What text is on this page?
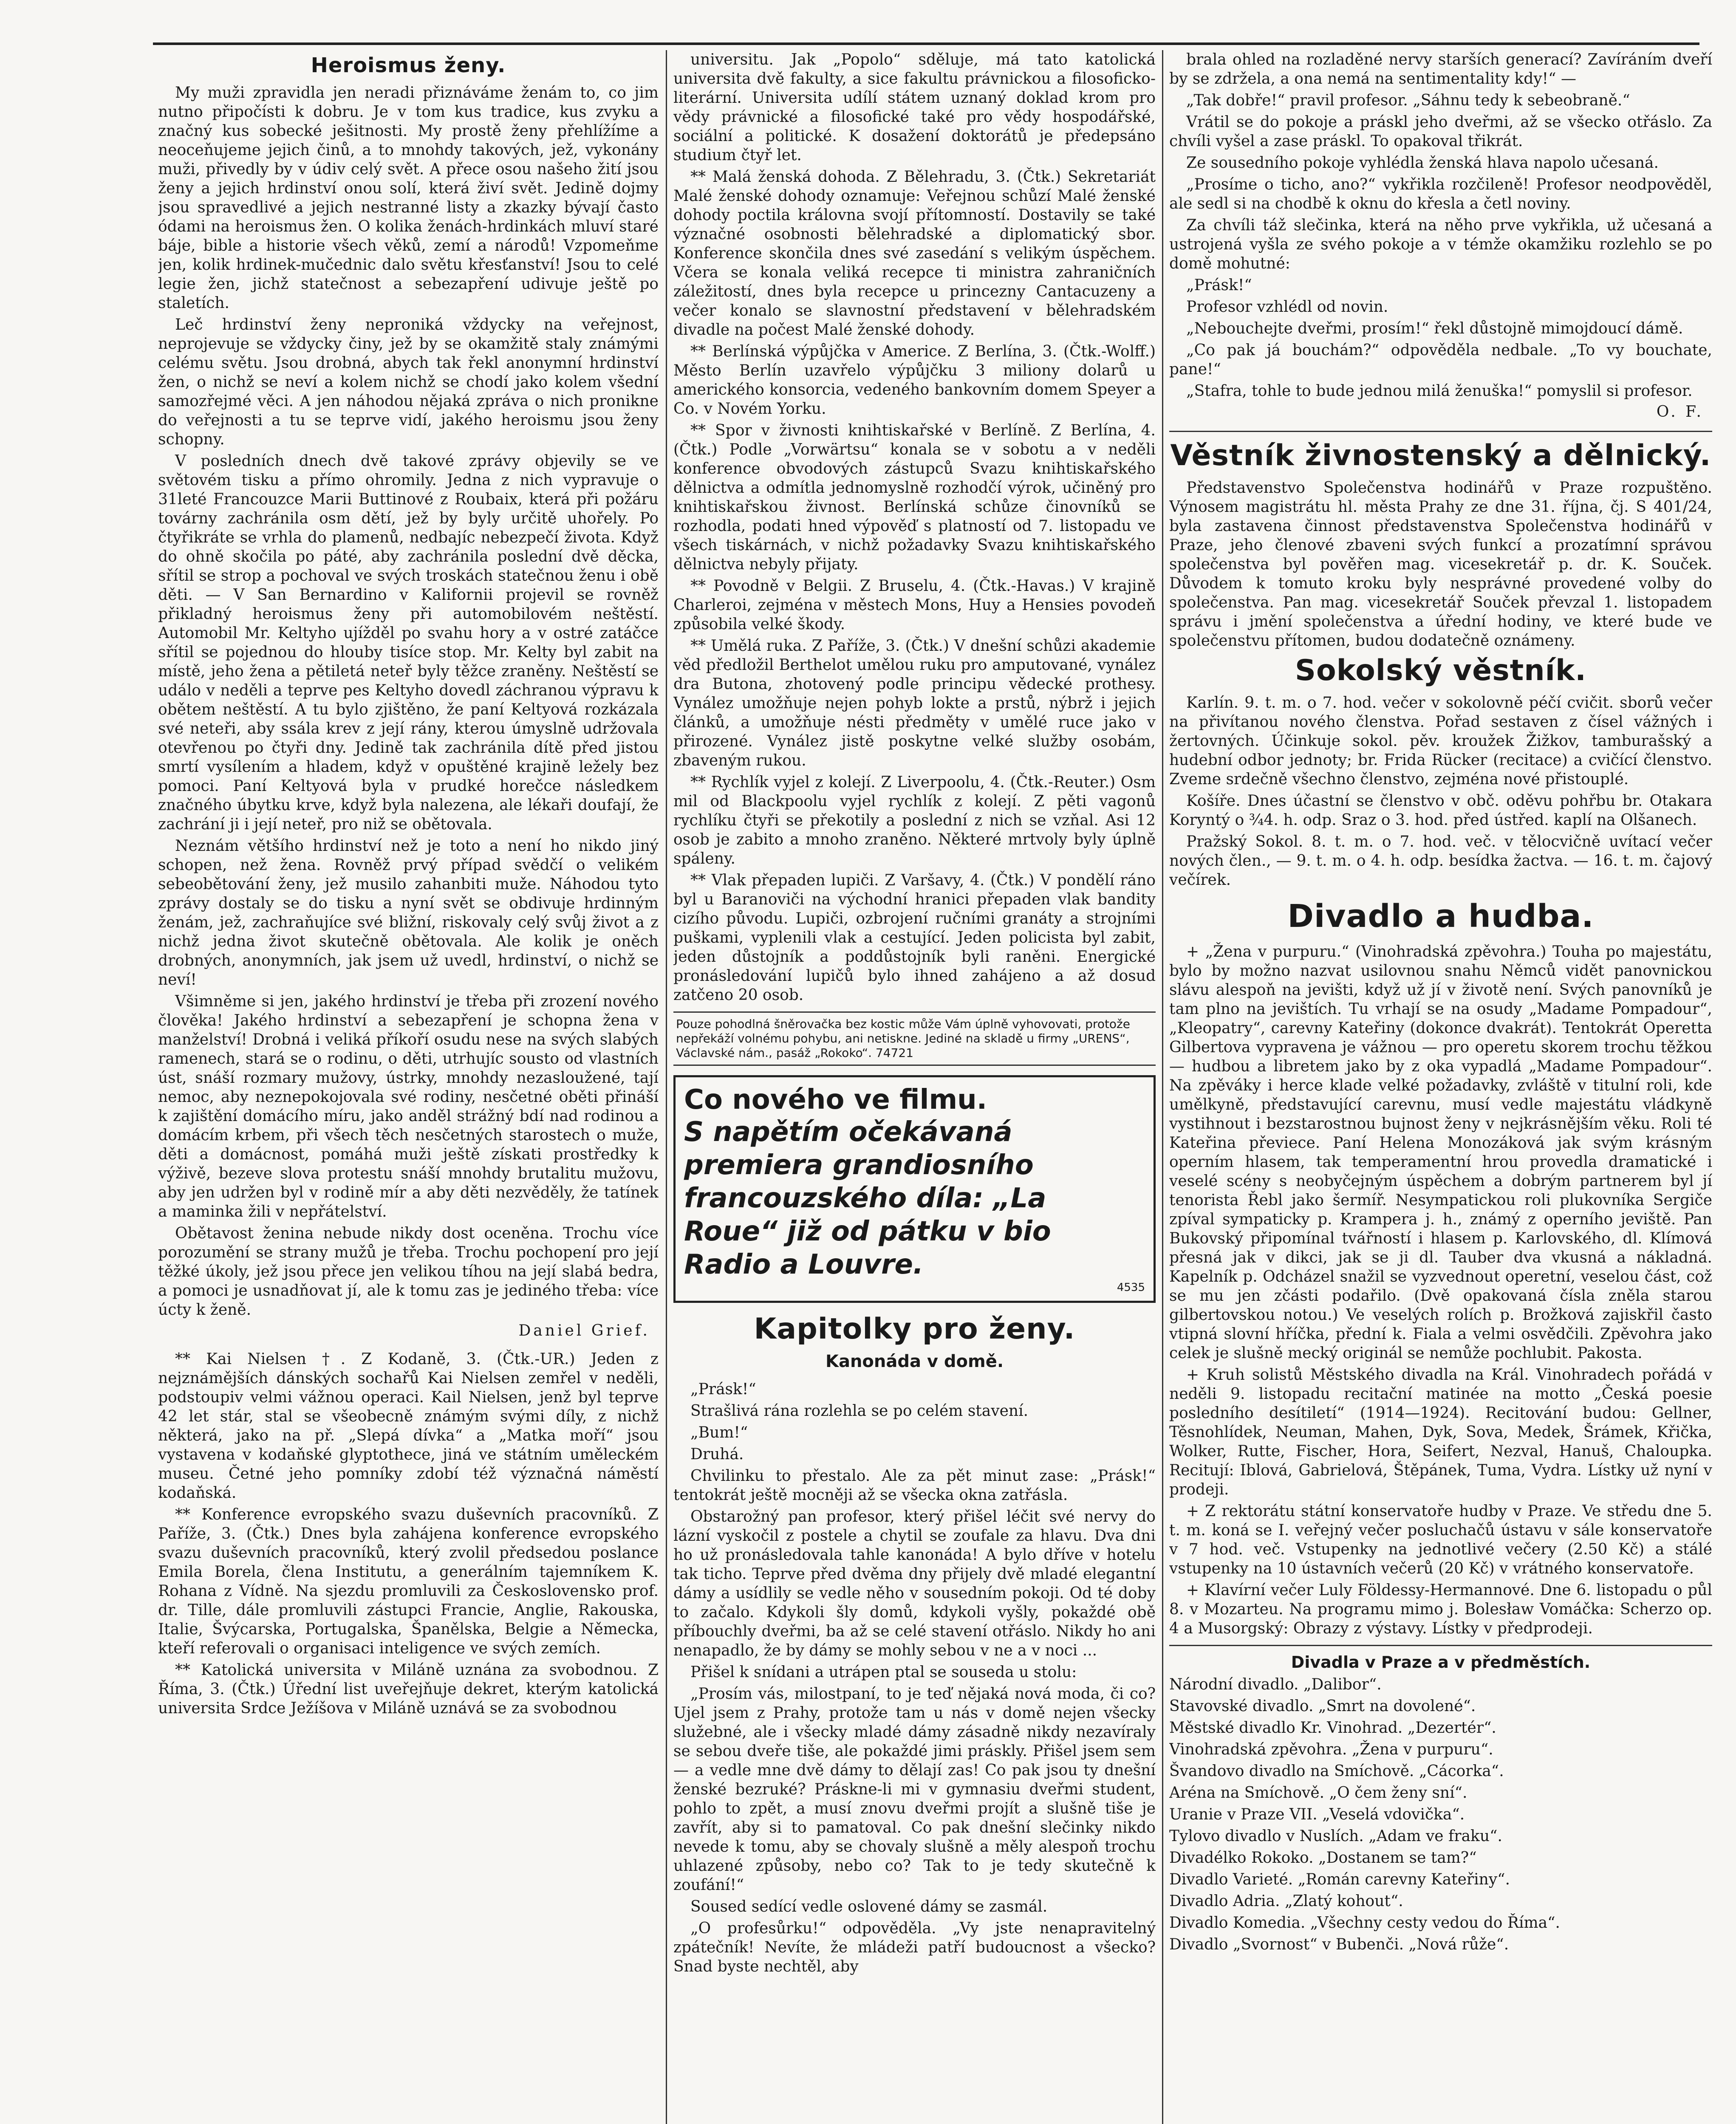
Heroismus ženy.

My muži zpravidla jen neradi přiznáváme ženám to, co jim nutno připočísti k dobru. Je v tom kus tradice, kus zvyku a značný kus sobecké ješitnosti. My prostě ženy přehlížíme a neoceňujeme jejich činů, a to mnohdy takových, jež, vykonány muži, přivedly by v údiv celý svět. A přece osou našeho žití jsou ženy a jejich hrdinství onou solí, která živí svět. Jedině dojmy jsou spravedlivé a jejich nestranné listy a zkazky bývají často ódami na heroismus žen. O kolika ženách-hrdinkách mluví staré báje, bible a historie všech věků, zemí a národů! Vzpomeňme jen, kolik hrdinek-mučednic dalo světu křesťanství! Jsou to celé legie žen, jichž statečnost a sebezapření udivuje ještě po staletích.

Leč hrdinství ženy neproniká vždycky na veřejnost, neprojevuje se vždycky činy, jež by se okamžitě staly známými celému světu. Jsou drobná, abych tak řekl anonymní hrdinství žen, o nichž se neví a kolem nichž se chodí jako kolem všední samozřejmé věci. A jen náhodou nějaká zpráva o nich pronikne do veřejnosti a tu se teprve vidí, jakého heroismu jsou ženy schopny.

V posledních dnech dvě takové zprávy objevily se ve světovém tisku a přímo ohromily. Jedna z nich vypravuje o 31leté Francouzce Marii Buttinové z Roubaix, která při požáru továrny zachránila osm dětí, jež by byly určitě uhořely. Po čtyřikráte se vrhla do plamenů, nedbajíc nebezpečí života. Když do ohně skočila po páté, aby zachránila poslední dvě děcka, sřítil se strop a pochoval ve svých troskách statečnou ženu i obě děti. — V San Bernardino v Kalifornii projevil se rovněž přikladný heroismus ženy při automobilovém neštěstí. Automobil Mr. Keltyho ujížděl po svahu hory a v ostré zatáčce sřítil se pojednou do hlouby tisíce stop. Mr. Kelty byl zabit na místě, jeho žena a pětiletá neteř byly těžce zraněny. Neštěstí se událo v neděli a teprve pes Keltyho dovedl záchranou výpravu k obětem neštěstí. A tu bylo zjištěno, že paní Keltyová rozkázala své neteři, aby ssála krev z její rány, kterou úmyslně udržovala otevřenou po čtyři dny. Jedině tak zachránila dítě před jistou smrtí vysílením a hladem, když v opuštěné krajině ležely bez pomoci. Paní Keltyová byla v prudké horečce následkem značného úbytku krve, když byla nalezena, ale lékaři doufají, že zachrání ji i její neteř, pro niž se obětovala.

Neznám většího hrdinství než je toto a není ho nikdo jiný schopen, než žena. Rovněž prvý případ svědčí o velikém sebeobětování ženy, jež musilo zahanbiti muže. Náhodou tyto zprávy dostaly se do tisku a nyní svět se obdivuje hrdinným ženám, jež, zachraňujíce své bližní, riskovaly celý svůj život a z nichž jedna život skutečně obětovala. Ale kolik je oněch drobných, anonymních, jak jsem už uvedl, hrdinství, o nichž se neví!

Všimněme si jen, jakého hrdinství je třeba při zrození nového člověka! Jakého hrdinství a sebezapření je schopna žena v manželství! Drobná i veliká příkoří osudu nese na svých slabých ramenech, stará se o rodinu, o děti, utrhujíc sousto od vlastních úst, snáší rozmary mužovy, ústrky, mnohdy nezasloužené, tají nemoc, aby neznepokojovala své rodiny, nesčetné oběti přináší k zajištění domácího míru, jako anděl strážný bdí nad rodinou a domácím krbem, při všech těch nesčetných starostech o muže, děti a domácnost, pomáhá muži ještě získati prostředky k výživě, bezeve slova protestu snáší mnohdy brutalitu mužovu, aby jen udržen byl v rodině mír a aby děti nezvěděly, že tatínek a maminka žili v nepřátelství.

Obětavost ženina nebude nikdy dost oceněna. Trochu více porozumění se strany mužů je třeba. Trochu pochopení pro její těžké úkoly, jež jsou přece jen velikou tíhou na její slabá bedra, a pomoci je usnadňovat jí, ale k tomu zas je jediného třeba: více úcty k ženě.

Daniel Grief.

** Kai Nielsen †. Z Kodaně, 3. (Čtk.-UR.) Jeden z nejznámějších dánských sochařů Kai Nielsen zemřel v neděli, podstoupiv velmi vážnou operaci. Kail Nielsen, jenž byl teprve 42 let stár, stal se všeobecně známým svými díly, z nichž některá, jako na př. „Slepá dívka“ a „Matka moří“ jsou vystavena v kodaňské glyptothece, jiná ve státním uměleckém museu. Četné jeho pomníky zdobí též význačná náměstí kodaňská.

** Konference evropského svazu duševních pracovníků. Z Paříže, 3. (Čtk.) Dnes byla zahájena konference evropského svazu duševních pracovníků, který zvolil předsedou poslance Emila Borela, člena Institutu, a generálním tajemníkem K. Rohana z Vídně. Na sjezdu promluvili za Československo prof. dr. Tille, dále promluvili zástupci Francie, Anglie, Rakouska, Italie, Švýcarska, Portugalska, Španělska, Belgie a Německa, kteří referovali o organisaci inteligence ve svých zemích.

** Katolická universita v Miláně uznána za svobodnou. Z Říma, 3. (Čtk.) Úřední list uveřejňuje dekret, kterým katolická universita Srdce Ježíšova v Miláně uznává se za svobodnou

universitu. Jak „Popolo“ sděluje, má tato katolická universita dvě fakulty, a sice fakultu právnickou a filosoficko-literární. Universita udílí státem uznaný doklad krom pro vědy právnické a filosofické také pro vědy hospodářské, sociální a politické. K dosažení doktorátů je předepsáno studium čtyř let.

** Malá ženská dohoda. Z Bělehradu, 3. (Čtk.) Sekretariát Malé ženské dohody oznamuje: Veřejnou schůzí Malé ženské dohody poctila královna svojí přítomností. Dostavily se také význačné osobnosti bělehradské a diplomatický sbor. Konference skončila dnes své zasedání s velikým úspěchem. Včera se konala veliká recepce ti ministra zahraničních záležitostí, dnes byla recepce u princezny Cantacuzeny a večer konalo se slavnostní představení v bělehradském divadle na počest Malé ženské dohody.

** Berlínská výpůjčka v Americe. Z Berlína, 3. (Čtk.-Wolff.) Město Berlín uzavřelo výpůjčku 3 miliony dolarů u amerického konsorcia, vedeného bankovním domem Speyer a Co. v Novém Yorku.

** Spor v živnosti knihtiskařské v Berlíně. Z Berlína, 4. (Čtk.) Podle „Vorwärtsu“ konala se v sobotu a v neděli konference obvodových zástupců Svazu knihtiskařského dělnictva a odmítla jednomyslně rozhodčí výrok, učiněný pro knihtiskařskou živnost. Berlínská schůze činovníků se rozhodla, podati hned výpověď s platností od 7. listopadu ve všech tiskárnách, v nichž požadavky Svazu knihtiskařského dělnictva nebyly přijaty.

** Povodně v Belgii. Z Bruselu, 4. (Čtk.-Havas.) V krajině Charleroi, zejména v městech Mons, Huy a Hensies povodeň způsobila velké škody.

** Umělá ruka. Z Paříže, 3. (Čtk.) V dnešní schůzi akademie věd předložil Berthelot umělou ruku pro amputované, vynález dra Butona, zhotovený podle principu vědecké prothesy. Vynález umožňuje nejen pohyb lokte a prstů, nýbrž i jejich článků, a umožňuje nésti předměty v umělé ruce jako v přirozené. Vynález jistě poskytne velké služby osobám, zbaveným rukou.

** Rychlík vyjel z kolejí. Z Liverpoolu, 4. (Čtk.-Reuter.) Osm mil od Blackpoolu vyjel rychlík z kolejí. Z pěti vagonů rychlíku čtyři se překotily a poslední z nich se vzňal. Asi 12 osob je zabito a mnoho zraněno. Některé mrtvoly byly úplně spáleny.

** Vlak přepaden lupiči. Z Varšavy, 4. (Čtk.) V pondělí ráno byl u Baranoviči na východní hranici přepaden vlak bandity cizího původu. Lupiči, ozbrojení ručními granáty a strojními puškami, vyplenili vlak a cestující. Jeden policista byl zabit, jeden důstojník a poddůstojník byli raněni. Energické pronásledování lupičů bylo ihned zahájeno a až dosud zatčeno 20 osob.

Pouze pohodlná šněrovačka bez kostic může Vám úplně vyhovovati, protože nepřekáží volnému pohybu, ani netiskne. Jediné na skladě u firmy „URENS“, Václavské nám., pasáž „Rokoko“. 74721
Co nového ve filmu.
S napětím očekávaná premiera grandiosního francouzského díla: „La Roue“ již od pátku v bio Radio a Louvre.
4535
Kapitolky pro ženy.
Kanonáda v domě.

„Prásk!“

Strašlivá rána rozlehla se po celém stavení.

„Bum!“

Druhá.

Chvilinku to přestalo. Ale za pět minut zase: „Prásk!“ tentokrát ještě mocněji až se všecka okna zatřásla.

Obstarožný pan profesor, který přišel léčit své nervy do lázní vyskočil z postele a chytil se zoufale za hlavu. Dva dni ho už pronásledovala tahle kanonáda! A bylo dříve v hotelu tak ticho. Teprve před dvěma dny přijely dvě mladé elegantní dámy a usídlily se vedle něho v sousedním pokoji. Od té doby to začalo. Kdykoli šly domů, kdykoli vyšly, pokaždé obě příbouchly dveřmi, ba až se celé stavení otřáslo. Nikdy ho ani nenapadlo, že by dámy se mohly sebou v ne a v noci ...

Přišel k snídani a utrápen ptal se souseda u stolu:

„Prosím vás, milostpaní, to je teď nějaká nová moda, či co? Ujel jsem z Prahy, protože tam u nás v domě nejen všecky služebné, ale i všecky mladé dámy zásadně nikdy nezavíraly se sebou dveře tiše, ale pokaždé jimi práskly. Přišel jsem sem — a vedle mne dvě dámy to dělají zas! Co pak jsou ty dnešní ženské bezruké? Práskne-li mi v gymnasiu dveřmi student, pohlo to zpět, a musí znovu dveřmi projít a slušně tiše je zavřít, aby si to pamatoval. Co pak dnešní slečinky nikdo nevede k tomu, aby se chovaly slušně a měly alespoň trochu uhlazené způsoby, nebo co? Tak to je tedy skutečně k zoufání!“

Soused sedící vedle oslovené dámy se zasmál.

„O profesůrku!“ odpověděla. „Vy jste nenapravitelný zpátečník! Nevíte, že mládeži patří budoucnost a všecko? Snad byste nechtěl, aby

brala ohled na rozladěné nervy starších generací? Zavíráním dveří by se zdržela, a ona nemá na sentimentality kdy!“ —

„Tak dobře!“ pravil profesor. „Sáhnu tedy k sebeobraně.“

Vrátil se do pokoje a práskl jeho dveřmi, až se všecko otřáslo. Za chvíli vyšel a zase práskl. To opakoval třikrát.

Ze sousedního pokoje vyhlédla ženská hlava napolo učesaná.

„Prosíme o ticho, ano?“ vykřikla rozčileně! Profesor neodpověděl, ale sedl si na chodbě k oknu do křesla a četl noviny.

Za chvíli táž slečinka, která na něho prve vykřikla, už učesaná a ustrojená vyšla ze svého pokoje a v témže okamžiku rozlehlo se po domě mohutné:

„Prásk!“

Profesor vzhlédl od novin.

„Nebouchejte dveřmi, prosím!“ řekl důstojně mimojdoucí dámě.

„Co pak já bouchám?“ odpověděla nedbale. „To vy bouchate, pane!“

„Stafra, tohle to bude jednou milá ženuška!“ pomyslil si profesor.

O. F.
Věstník živnostenský a dělnický.

Představenstvo Společenstva hodinářů v Praze rozpuštěno. Výnosem magistrátu hl. města Prahy ze dne 31. října, čj. S 401/24, byla zastavena činnost představenstva Společenstva hodinářů v Praze, jeho členové zbaveni svých funkcí a prozatímní správou společenstva byl pověřen mag. vicesekretář p. dr. K. Souček. Důvodem k tomuto kroku byly nesprávné provedené volby do společenstva. Pan mag. vicesekretář Souček převzal 1. listopadem správu i jmění společenstva a úřední hodiny, ve které bude ve společenstvu přítomen, budou dodatečně oznámeny.

Sokolský věstník.

Karlín. 9. t. m. o 7. hod. večer v sokolovně péčí cvičit. sborů večer na přivítanou nového členstva. Pořad sestaven z čísel vážných i žertovných. Účinkuje sokol. pěv. kroužek Žižkov, tamburašský a hudební odbor jednoty; br. Frida Rücker (recitace) a cvičící členstvo. Zveme srdečně všechno členstvo, zejména nové přistouplé.

Košíře. Dnes účastní se členstvo v obč. oděvu pohřbu br. Otakara Koryntý o ¾4. h. odp. Sraz o 3. hod. před ústřed. kaplí na Olšanech.

Pražský Sokol. 8. t. m. o 7. hod. več. v tělocvičně uvítací večer nových člen., — 9. t. m. o 4. h. odp. besídka žactva. — 16. t. m. čajový večírek.

Divadlo a hudba.

+ „Žena v purpuru.“ (Vinohradská zpěvohra.) Touha po majestátu, bylo by možno nazvat usilovnou snahu Němců vidět panovnickou slávu alespoň na jevišti, když už jí v životě není. Svých panovníků je tam plno na jevištích. Tu vrhají se na osudy „Madame Pompadour“, „Kleopatry“, carevny Kateřiny (dokonce dvakrát). Tentokrát Operetta Gilbertova vypravena je vážnou — pro operetu skorem trochu těžkou — hudbou a libretem jako by z oka vypadlá „Madame Pompadour“. Na zpěváky i herce klade velké požadavky, zvláště v titulní roli, kde umělkyně, představující carevnu, musí vedle majestátu vládkyně vystihnout i bezstarostnou bujnost ženy v nejkrásnějším věku. Roli té Kateřina převiece. Paní Helena Monozáková jak svým krásným operním hlasem, tak temperamentní hrou provedla dramatické i veselé scény s neobyčejným úspěchem a dobrým partnerem byl jí tenorista Řebl jako šermíř. Nesympatickou roli plukovníka Sergiče zpíval sympaticky p. Krampera j. h., známý z operního jeviště. Pan Bukovský připomínal tvářností i hlasem p. Karlovského, dl. Klímová přesná jak v dikci, jak se ji dl. Tauber dva vkusná a nákladná. Kapelník p. Odcházel snažil se vyzvednout operetní, veselou část, což se mu jen zčásti podařilo. (Dvě opakovaná čísla zněla starou gilbertovskou notou.) Ve veselých rolích p. Brožková zajiskřil často vtipná slovní hříčka, přední k. Fiala a velmi osvědčili. Zpěvohra jako celek je slušně mecký originál se nemůže pochlubit. Pakosta.

+ Kruh solistů Městského divadla na Král. Vinohradech pořádá v neděli 9. listopadu recitační matinée na motto „Česká poesie posledního desítiletí“ (1914—1924). Recitování budou: Gellner, Těsnohlídek, Neuman, Mahen, Dyk, Sova, Medek, Šrámek, Křička, Wolker, Rutte, Fischer, Hora, Seifert, Nezval, Hanuš, Chaloupka. Recitují: Iblová, Gabrielová, Štěpánek, Tuma, Vydra. Lístky už nyní v prodeji.

+ Z rektorátu státní konservatoře hudby v Praze. Ve středu dne 5. t. m. koná se I. veřejný večer posluchačů ústavu v sále konservatoře v 7 hod. več. Vstupenky na jednotlivé večery (2.50 Kč) a stálé vstupenky na 10 ústavních večerů (20 Kč) v vrátného konservatoře.

+ Klavírní večer Luly Földessy-Hermannové. Dne 6. listopadu o půl 8. v Mozarteu. Na programu mimo j. Bolesław Vomáčka: Scherzo op. 4 a Musorgský: Obrazy z výstavy. Lístky v předprodeji.

Divadla v Praze a v předměstích.

Národní divadlo. „Dalibor“.

Stavovské divadlo. „Smrt na dovolené“.

Městské divadlo Kr. Vinohrad. „Dezertér“.

Vinohradská zpěvohra. „Žena v purpuru“.

Švandovo divadlo na Smíchově. „Cácorka“.

Aréna na Smíchově. „O čem ženy sní“.

Uranie v Praze VII. „Veselá vdovička“.

Tylovo divadlo v Nuslích. „Adam ve fraku“.

Divadélko Rokoko. „Dostanem se tam?“

Divadlo Varieté. „Román carevny Kateřiny“.

Divadlo Adria. „Zlatý kohout“.

Divadlo Komedia. „Všechny cesty vedou do Říma“.

Divadlo „Svornost“ v Bubenči. „Nová růže“.
